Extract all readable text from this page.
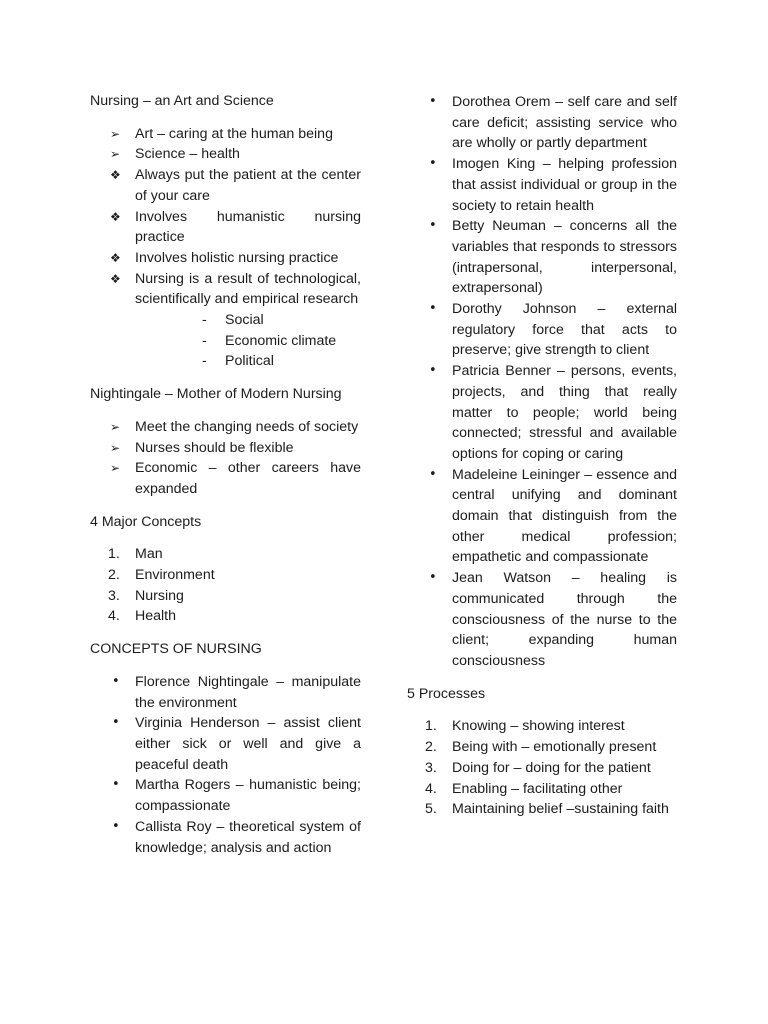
Nursing – an Art and Science

➢	Art – caring at the human being
➢	Science – health
❖	Always put the patient at the center of your care
❖	Involves humanistic nursing practice
❖	Involves holistic nursing practice
❖	Nursing is a result of technological, scientifically and empirical research
- Social
- Economic climate
- Political

Nightingale – Mother of Modern Nursing

➢	Meet the changing needs of society
➢	Nurses should be flexible
➢	Economic – other careers have expanded

4 Major Concepts

1.	Man
2.	Environment
3.	Nursing
4.	Health

CONCEPTS OF NURSING

•	Florence Nightingale – manipulate the environment
•	Virginia Henderson – assist client either sick or well and give a peaceful death
•	Martha Rogers – humanistic being; compassionate
•	Callista Roy – theoretical system of knowledge; analysis and action
•	Dorothea Orem – self care and self care deficit; assisting service who are wholly or partly department
•	Imogen King – helping profession that assist individual or group in the society to retain health
•	Betty Neuman – concerns all the variables that responds to stressors (intrapersonal, interpersonal, extrapersonal)
•	Dorothy Johnson – external regulatory force that acts to preserve; give strength to client
•	Patricia Benner – persons, events, projects, and thing that really matter to people; world being connected; stressful and available options for coping or caring
•	Madeleine Leininger – essence and central unifying and dominant domain that distinguish from the other medical profession; empathetic and compassionate
•	Jean Watson – healing is communicated through the consciousness of the nurse to the client; expanding human consciousness

5 Processes

1.	Knowing – showing interest
2.	Being with – emotionally present
3.	Doing for – doing for the patient
4.	Enabling – facilitating other
5.	Maintaining belief –sustaining faith
